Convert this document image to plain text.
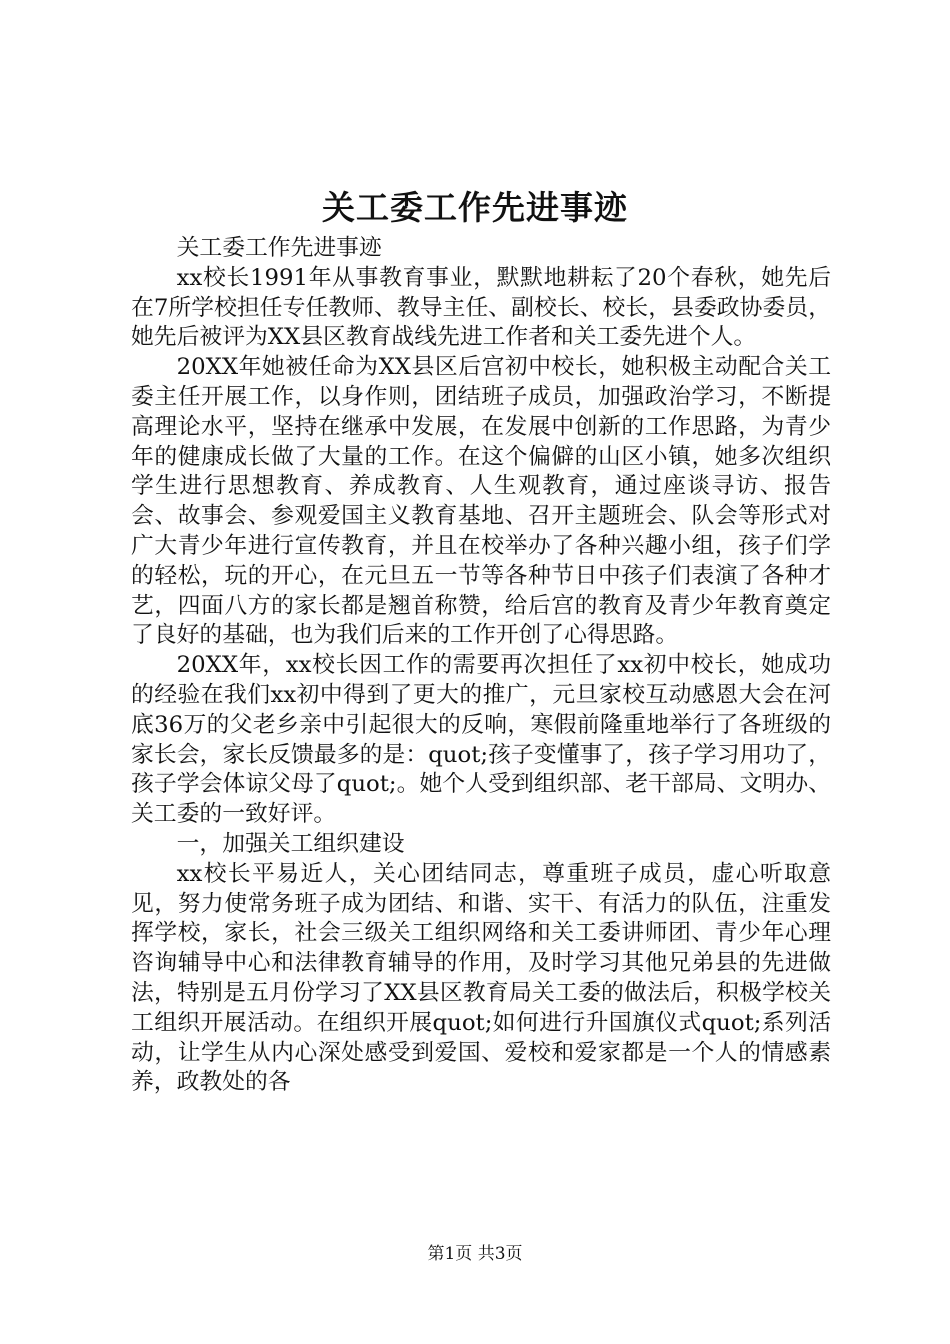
关工委工作先进事迹

关工委工作先进事迹

xx校长1991年从事教育事业，默默地耕耘了20个春秋，她先后在7所学校担任专任教师、教导主任、副校长、校长，县委政协委员，她先后被评为XX县区教育战线先进工作者和关工委先进个人。

20XX年她被任命为XX县区后宫初中校长，她积极主动配合关工委主任开展工作，以身作则，团结班子成员，加强政治学习，不断提高理论水平，坚持在继承中发展，在发展中创新的工作思路，为青少年的健康成长做了大量的工作。在这个偏僻的山区小镇，她多次组织学生进行思想教育、养成教育、人生观教育，通过座谈寻访、报告会、故事会、参观爱国主义教育基地、召开主题班会、队会等形式对广大青少年进行宣传教育，并且在校举办了各种兴趣小组，孩子们学的轻松，玩的开心，在元旦五一节等各种节日中孩子们表演了各种才艺，四面八方的家长都是翘首称赞，给后宫的教育及青少年教育奠定了良好的基础，也为我们后来的工作开创了心得思路。

20XX年，xx校长因工作的需要再次担任了xx初中校长，她成功的经验在我们xx初中得到了更大的推广，元旦家校互动感恩大会在河底36万的父老乡亲中引起很大的反响，寒假前隆重地举行了各班级的家长会，家长反馈最多的是：quot;孩子变懂事了，孩子学习用功了，孩子学会体谅父母了quot;。她个人受到组织部、老干部局、文明办、关工委的一致好评。

一，加强关工组织建设

xx校长平易近人，关心团结同志，尊重班子成员，虚心听取意见，努力使常务班子成为团结、和谐、实干、有活力的队伍，注重发挥学校，家长，社会三级关工组织网络和关工委讲师团、青少年心理咨询辅导中心和法律教育辅导的作用，及时学习其他兄弟县的先进做法，特别是五月份学习了XX县区教育局关工委的做法后，积极学校关工组织开展活动。在组织开展quot;如何进行升国旗仪式quot;系列活动，让学生从内心深处感受到爱国、爱校和爱家都是一个人的情感素养，政教处的各

第1页 共3页
